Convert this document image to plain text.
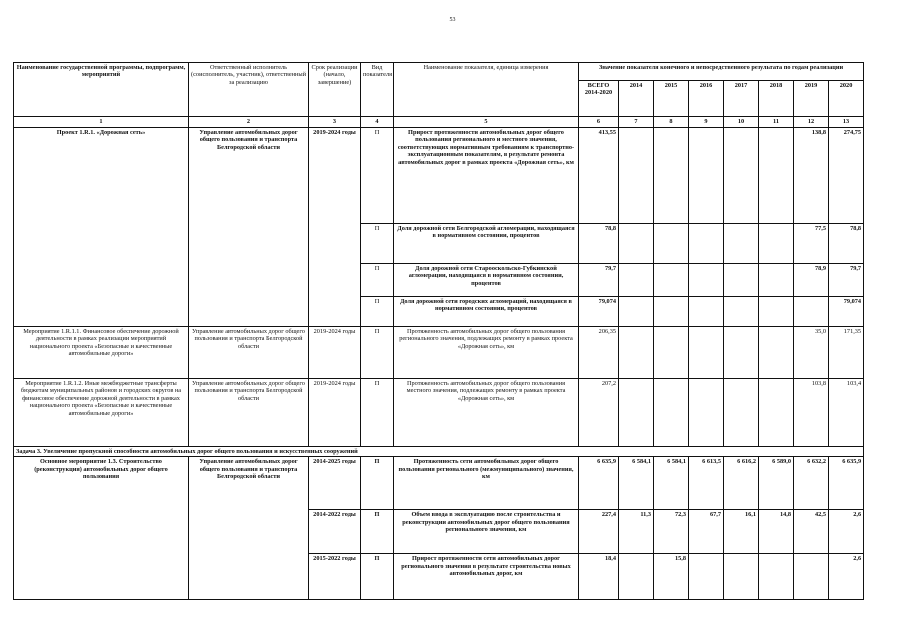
53
Наименование государственной программы, подпрограмм, мероприятий	Ответственный исполнитель (соисполнитель, участник), ответственный за реализацию	Срок реализации (начало, завершение)	Вид показателя	Наименование показателя, единица измерения	Значение показателя конечного и непосредственного результата по годам реализации							
					ВСЕГО 2014-2020	2014	2015	2016	2017	2018	2019	2020
1	2	3	4	5	6	7	8	9	10	11	12	13
Проект 1.R.1. «Дорожная сеть»	Управление автомобильных дорог общего пользования и транспорта Белгородской области	2019-2024 годы	П	Прирост протяженности автомобильных дорог общего пользования регионального и местного значения, соответствующих нормативным требованиям к транспортно-эксплуатационным показателям, в результате ремонта автомобильных дорог в рамках проекта «Дорожная сеть», км	413,55						138,8	274,75
			П	Доля дорожной сети Белгородской агломерации, находящаяся в нормативном состоянии, процентов	78,8						77,5	78,8
			П	Доля дорожной сети Старооскольско-Губкинской агломерации, находящаяся в нормативном состоянии, процентов	79,7						78,9	79,7
			П	Доля дорожной сети городских агломераций, находящаяся в нормативном состоянии, процентов	79,074							79,074
Мероприятие 1.R.1.1. Финансовое обеспечение дорожной деятельности в рамках реализации мероприятий национального проекта «Безопасные и качественные автомобильные дороги»	Управление автомобильных дорог общего пользования и транспорта Белгородской области	2019-2024 годы	П	Протяженность автомобильных дорог общего пользования регионального значения, подлежащих ремонту в рамках проекта «Дорожная сеть», км	206,35						35,0	171,35
Мероприятие 1.R.1.2. Иные межбюджетные трансферты бюджетам муниципальных районов и городских округов на финансовое обеспечение дорожной деятельности в рамках национального проекта «Безопасные и качественные автомобильные дороги»	Управление автомобильных дорог общего пользования и транспорта Белгородской области	2019-2024 годы	П	Протяженность автомобильных дорог общего пользования местного значения, подлежащих ремонту в рамках проекта «Дорожная сеть», км	207,2						103,8	103,4
Задача 3. Увеличение пропускной способности автомобильных дорог общего пользования и искусственных сооружений												
Основное мероприятие 1.3. Строительство (реконструкция) автомобильных дорог общего пользования	Управление автомобильных дорог общего пользования и транспорта Белгородской области	2014-2025 годы	П	Протяженность сети автомобильных дорог общего пользования регионального (межмуниципального) значения, км	6 635,9	6 584,1	6 584,1	6 613,5	6 616,2	6 589,0	6 632,2	6 635,9
		2014-2022 годы	П	Объем ввода в эксплуатацию после строительства и реконструкции автомобильных дорог общего пользования регионального значения, км	227,4	11,3	72,3	67,7	16,1	14,8	42,5	2,6
		2015-2022 годы	П	Прирост протяженности сети автомобильных дорог регионального значения в результате строительства новых автомобильных дорог, км	18,4		15,8					2,6
